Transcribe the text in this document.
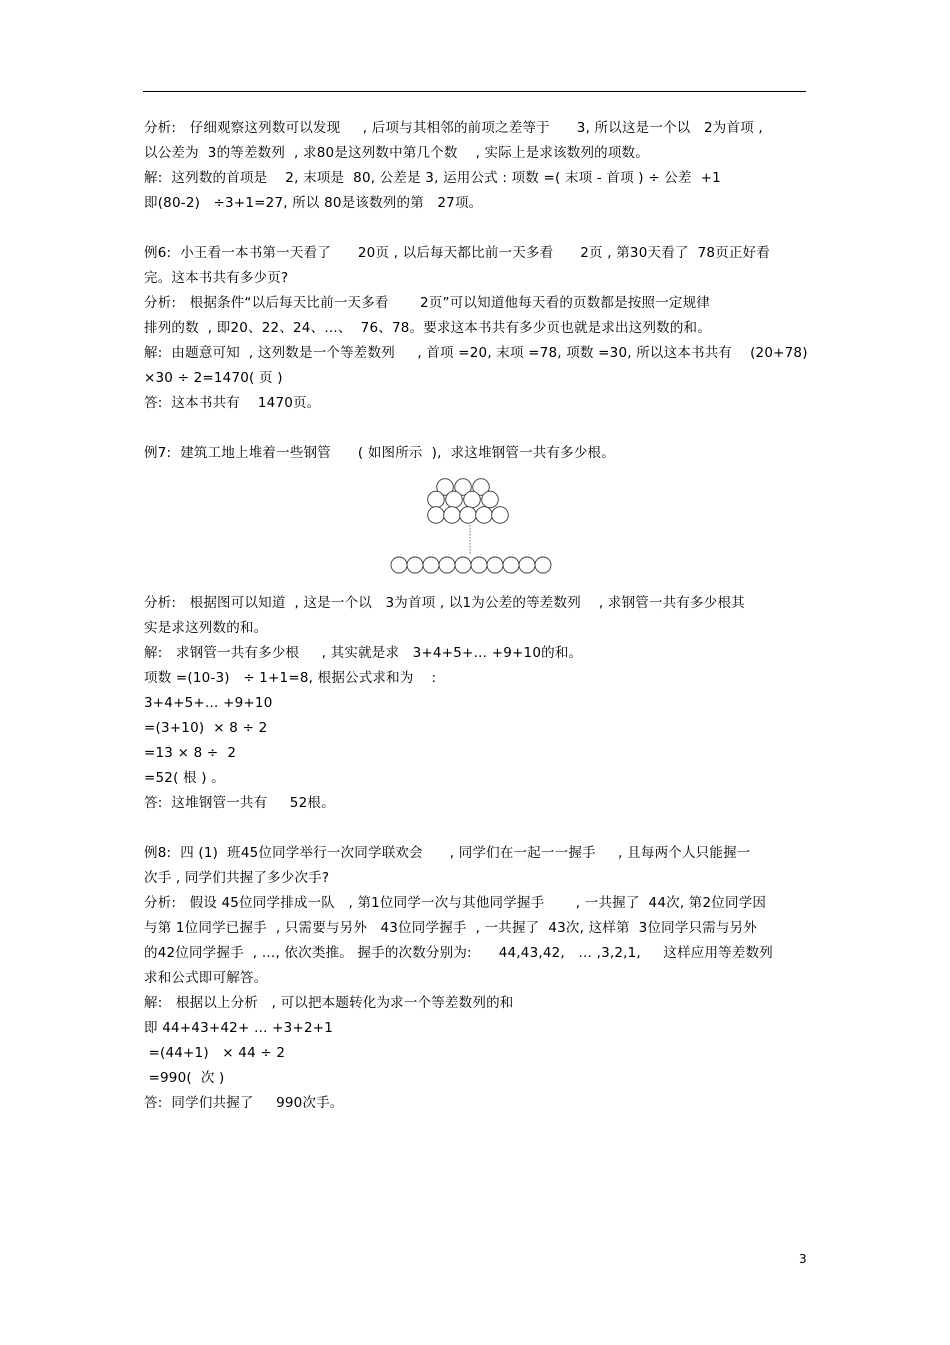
分析:   仔细观察这列数可以发现     , 后项与其相邻的前项之差等于      3, 所以这是一个以   2为首项 ,
以公差为  3的等差数列  , 求80是这列数中第几个数    , 实际上是求该数列的项数。
解:  这列数的首项是    2, 末项是  80, 公差是 3, 运用公式 : 项数 =( 末项 - 首项 ) ÷ 公差  +1
即(80-2)   ÷3+1=27, 所以 80是该数列的第   27项。
例6:  小王看一本书第一天看了      20页 , 以后每天都比前一天多看      2页 , 第30天看了  78页正好看
完。这本书共有多少页?
分析:   根据条件“以后每天比前一天多看       2页”可以知道他每天看的页数都是按照一定规律
排列的数  , 即20、22、24、…、  76、78。要求这本书共有多少页也就是求出这列数的和。
解:  由题意可知  , 这列数是一个等差数列     , 首项 =20, 末项 =78, 项数 =30, 所以这本书共有    (20+78)
×30 ÷ 2=1470( 页 )
答:  这本书共有    1470页。
例7:  建筑工地上堆着一些钢管      ( 如图所示  ),  求这堆钢管一共有多少根。
分析:   根据图可以知道  , 这是一个以   3为首项 , 以1为公差的等差数列    , 求钢管一共有多少根其
实是求这列数的和。
解:   求钢管一共有多少根     , 其实就是求   3+4+5+… +9+10的和。
项数 =(10-3)   ÷ 1+1=8, 根据公式求和为    :
3+4+5+… +9+10
=(3+10)  × 8 ÷ 2
=13 × 8 ÷  2
=52( 根 ) 。
答:  这堆钢管一共有     52根。
例8:  四 (1)  班45位同学举行一次同学联欢会      , 同学们在一起一一握手     , 且每两个人只能握一
次手 , 同学们共握了多少次手?
分析:   假设 45位同学排成一队   , 第1位同学一次与其他同学握手       , 一共握了  44次, 第2位同学因
与第 1位同学已握手  , 只需要与另外   43位同学握手  , 一共握了  43次, 这样第  3位同学只需与另外
的42位同学握手  , …, 依次类推。 握手的次数分别为:      44,43,42,   … ,3,2,1,     这样应用等差数列
求和公式即可解答。
解:   根据以上分析   , 可以把本题转化为求一个等差数列的和
即 44+43+42+ … +3+2+1
=(44+1)   × 44 ÷ 2
=990(  次 )
答:  同学们共握了     990次手。
3
